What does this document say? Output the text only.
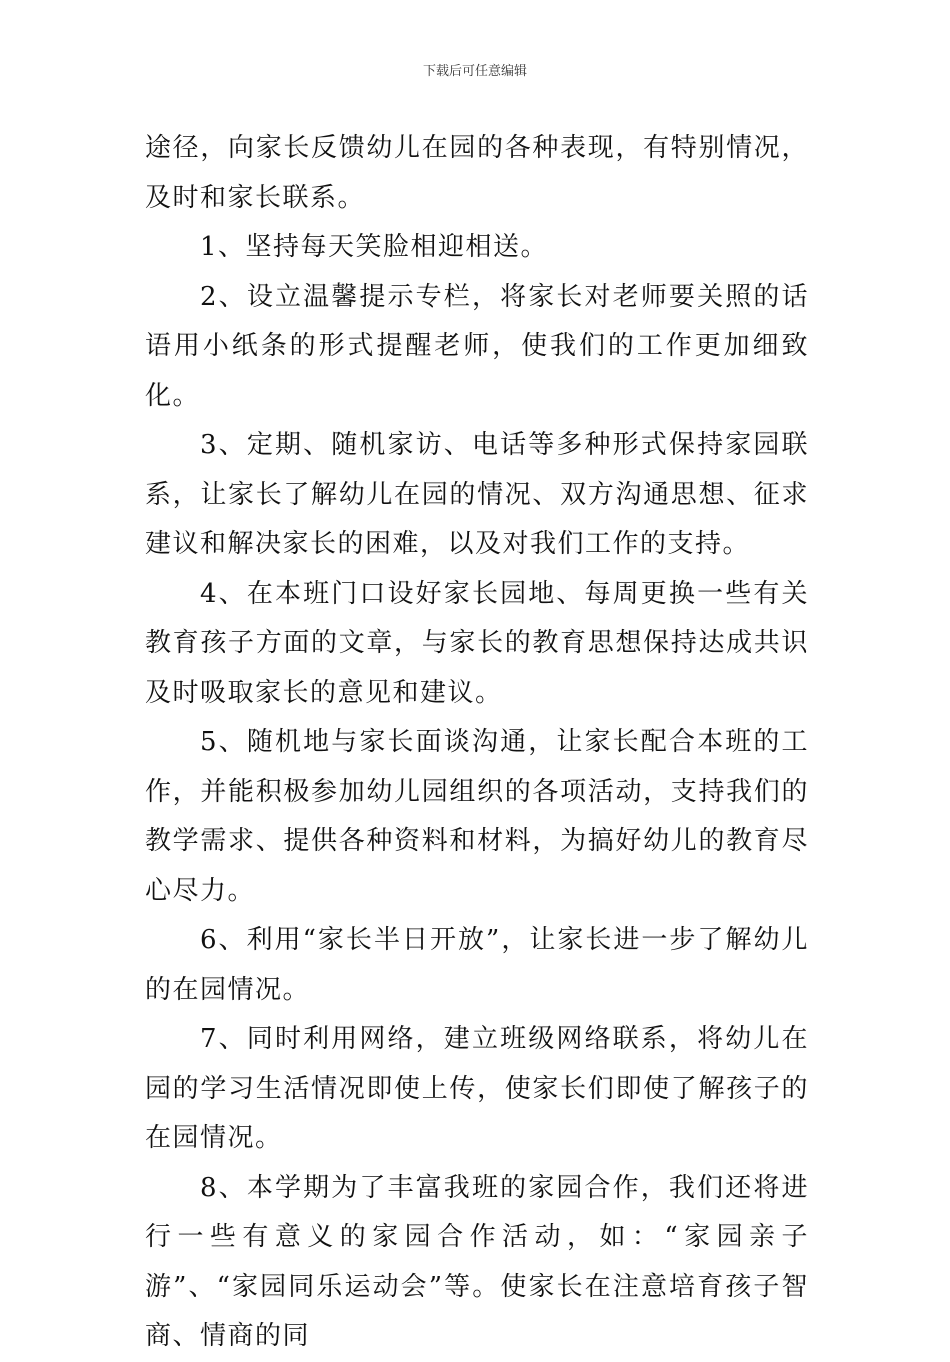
下载后可任意编辑

途径，向家长反馈幼儿在园的各种表现，有特别情况，及时和家长联系。

1、坚持每天笑脸相迎相送。

2、设立温馨提示专栏，将家长对老师要关照的话语用小纸条的形式提醒老师，使我们的工作更加细致化。

3、定期、随机家访、电话等多种形式保持家园联系，让家长了解幼儿在园的情况、双方沟通思想、征求建议和解决家长的困难，以及对我们工作的支持。

4、在本班门口设好家长园地、每周更换一些有关教育孩子方面的文章，与家长的教育思想保持达成共识及时吸取家长的意见和建议。

5、随机地与家长面谈沟通，让家长配合本班的工作，并能积极参加幼儿园组织的各项活动，支持我们的教学需求、提供各种资料和材料，为搞好幼儿的教育尽心尽力。

6、利用“家长半日开放”，让家长进一步了解幼儿的在园情况。

7、同时利用网络，建立班级网络联系，将幼儿在园的学习生活情况即使上传，使家长们即使了解孩子的在园情况。

8、本学期为了丰富我班的家园合作，我们还将进行一些有意义的家园合作活动，如：“家园亲子游”、“家园同乐运动会”等。使家长在注意培育孩子智商、情商的同
